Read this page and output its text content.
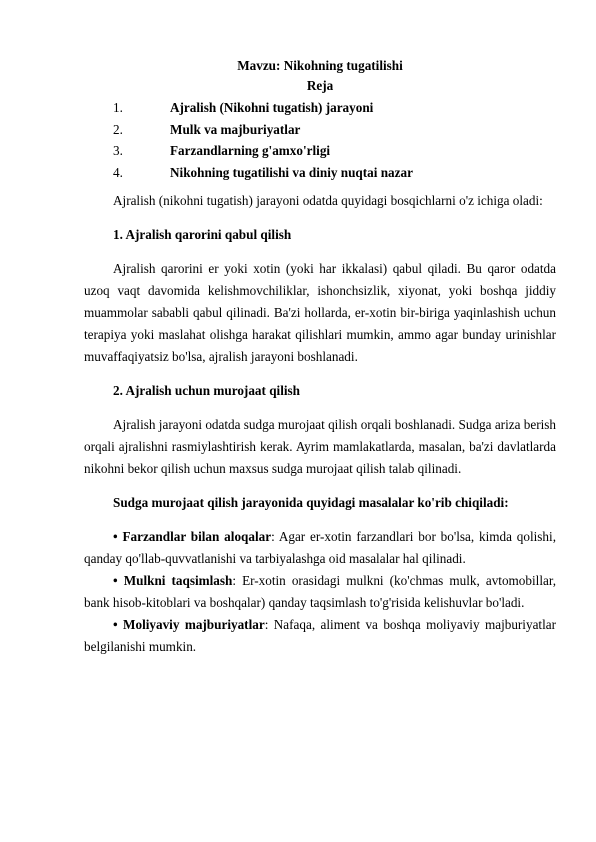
Mavzu: Nikohning tugatilishi

Reja

1.	Ajralish (Nikohni tugatish) jarayoni
2.	Mulk va majburiyatlar
3.	Farzandlarning g'amxo'rligi
4.	Nikohning tugatilishi va diniy nuqtai nazar

Ajralish (nikohni tugatish) jarayoni odatda quyidagi bosqichlarni o'z ichiga oladi:

1. Ajralish qarorini qabul qilish

Ajralish qarorini er yoki xotin (yoki har ikkalasi) qabul qiladi. Bu qaror odatda uzoq vaqt davomida kelishmovchiliklar, ishonchsizlik, xiyonat, yoki boshqa jiddiy muammolar sababli qabul qilinadi. Ba'zi hollarda, er-xotin bir-biriga yaqinlashish uchun terapiya yoki maslahat olishga harakat qilishlari mumkin, ammo agar bunday urinishlar muvaffaqiyatsiz bo'lsa, ajralish jarayoni boshlanadi.

2. Ajralish uchun murojaat qilish

Ajralish jarayoni odatda sudga murojaat qilish orqali boshlanadi. Sudga ariza berish orqali ajralishni rasmiylashtirish kerak. Ayrim mamlakatlarda, masalan, ba'zi davlatlarda nikohni bekor qilish uchun maxsus sudga murojaat qilish talab qilinadi.

Sudga murojaat qilish jarayonida quyidagi masalalar ko'rib chiqiladi:

• Farzandlar bilan aloqalar: Agar er-xotin farzandlari bor bo'lsa, kimda qolishi, qanday qo'llab-quvvatlanishi va tarbiyalashga oid masalalar hal qilinadi.

• Mulkni taqsimlash: Er-xotin orasidagi mulkni (ko'chmas mulk, avtomobillar, bank hisob-kitoblari va boshqalar) qanday taqsimlash to'g'risida kelishuvlar bo'ladi.

• Moliyaviy majburiyatlar: Nafaqa, aliment va boshqa moliyaviy majburiyatlar belgilanishi mumkin.
